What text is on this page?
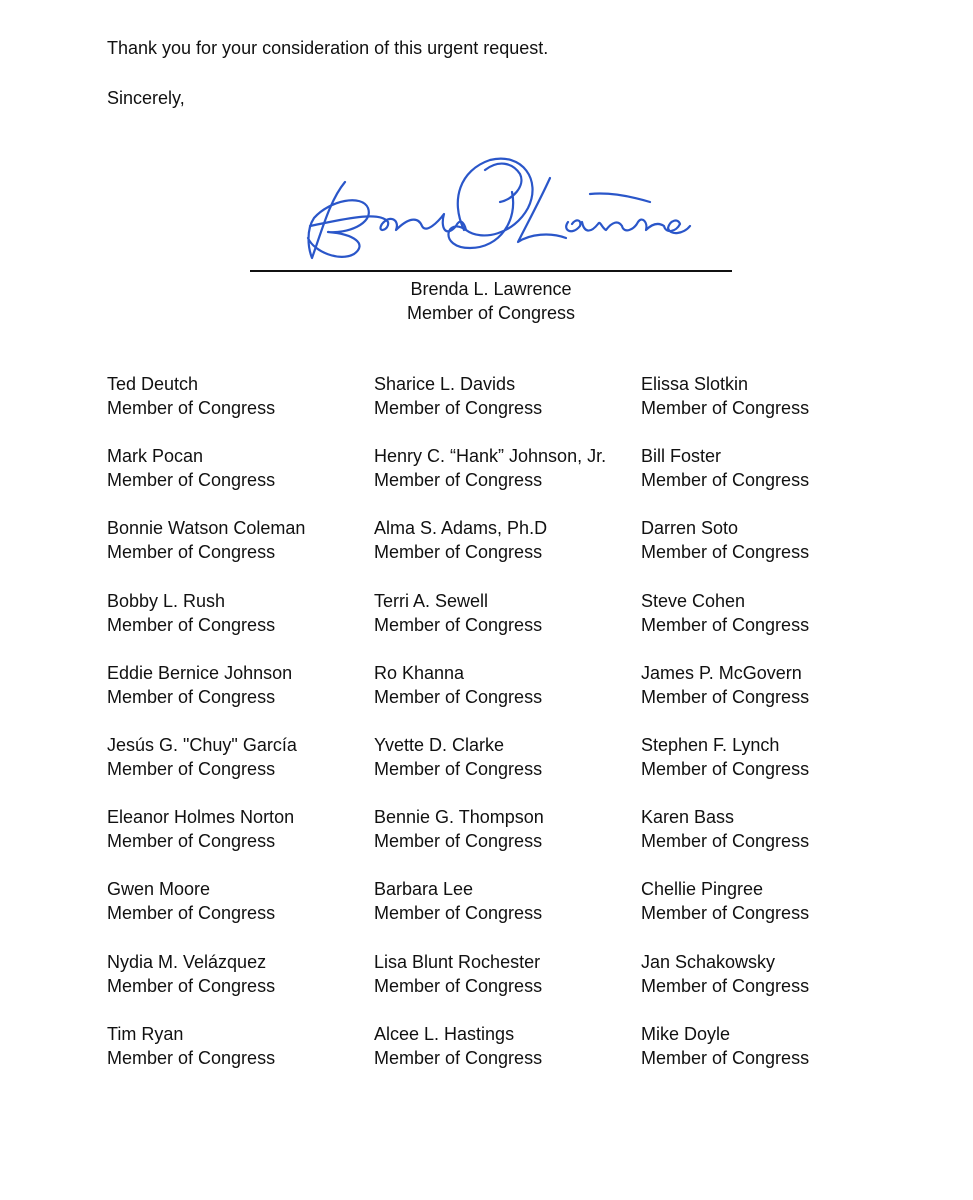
Thank you for your consideration of this urgent request.

Sincerely,

Brenda L. Lawrence

Member of Congress

Ted Deutch
Member of Congress
Sharice L. Davids
Member of Congress
Elissa Slotkin
Member of Congress
Mark Pocan
Member of Congress
Henry C. “Hank” Johnson, Jr.
Member of Congress
Bill Foster
Member of Congress
Bonnie Watson Coleman
Member of Congress
Alma S. Adams, Ph.D
Member of Congress
Darren Soto
Member of Congress
Bobby L. Rush
Member of Congress
Terri A. Sewell
Member of Congress
Steve Cohen
Member of Congress
Eddie Bernice Johnson
Member of Congress
Ro Khanna
Member of Congress
James P. McGovern
Member of Congress
Jesús G. "Chuy" García
Member of Congress
Yvette D. Clarke
Member of Congress
Stephen F. Lynch
Member of Congress
Eleanor Holmes Norton
Member of Congress
Bennie G. Thompson
Member of Congress
Karen Bass
Member of Congress
Gwen Moore
Member of Congress
Barbara Lee
Member of Congress
Chellie Pingree
Member of Congress
Nydia M. Velázquez
Member of Congress
Lisa Blunt Rochester
Member of Congress
Jan Schakowsky
Member of Congress
Tim Ryan
Member of Congress
Alcee L. Hastings
Member of Congress
Mike Doyle
Member of Congress
